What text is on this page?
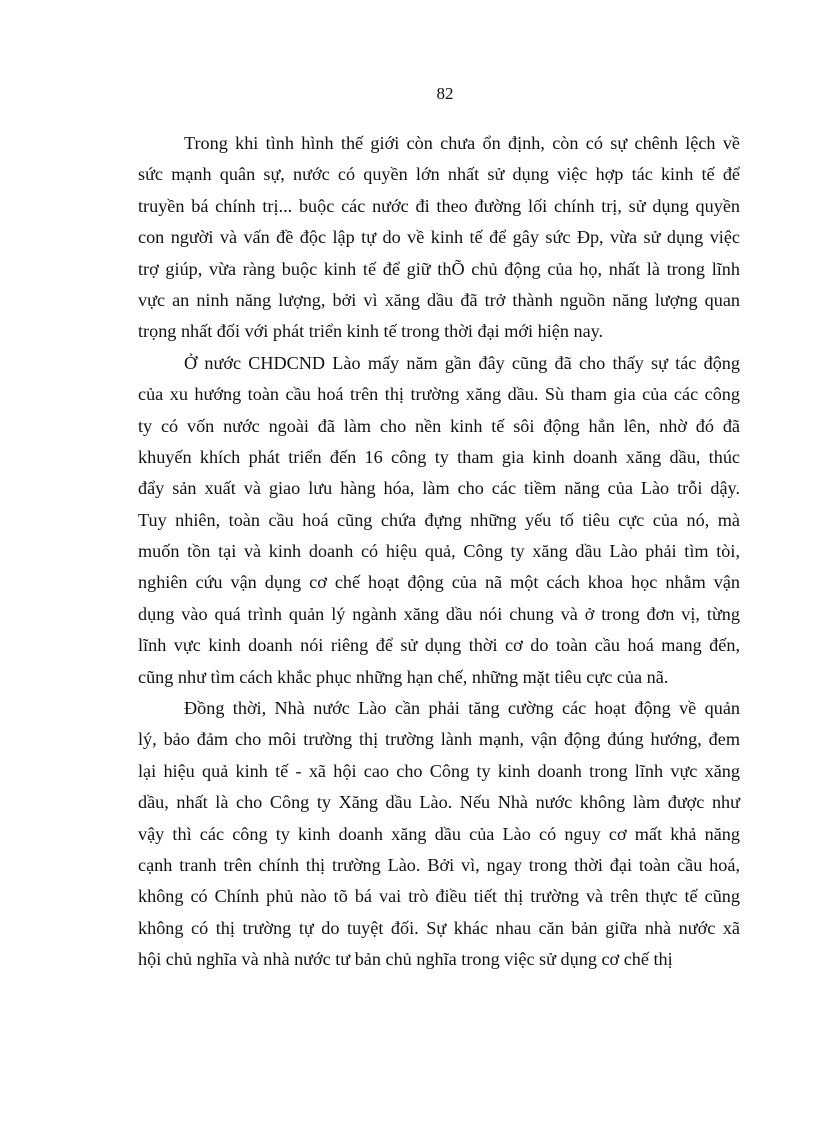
82
Trong khi tình hình thế giới còn chưa ổn định, còn có sự chênh lệch về
sức mạnh quân sự, nước có quyền lớn nhất sử dụng việc hợp tác kinh tế để
truyền bá chính trị... buộc các nước đi theo đường lối chính trị, sử dụng quyền
con người và vấn đề độc lập tự do về kinh tế để gây sức Đp, vừa sử dụng việc
trợ giúp, vừa ràng buộc kinh tế để giữ thÕ chủ động của họ, nhất là trong lĩnh
vực an ninh năng lượng, bởi vì xăng dầu đã trở thành nguồn năng lượng quan
trọng nhất đối với phát triển kinh tế trong thời đại mới hiện nay.
Ở nước CHDCND Lào mấy năm gần đây cũng đã cho thấy sự tác động
của xu hướng toàn cầu hoá trên thị trường xăng dầu. Sù tham gia của các công
ty có vốn nước ngoài đã làm cho nền kinh tế sôi động hẳn lên, nhờ đó đã
khuyến khích phát triển đến 16 công ty tham gia kinh doanh xăng dầu, thúc
đẩy sản xuất và giao lưu hàng hóa, làm cho các tiềm năng của Lào trỗi dậy.
Tuy nhiên, toàn cầu hoá cũng chứa đựng những yếu tố tiêu cực của nó, mà
muốn tồn tại và kinh doanh có hiệu quả, Công ty xăng dầu Lào phải tìm tòi,
nghiên cứu vận dụng cơ chế hoạt động của nã một cách khoa học nhằm vận
dụng vào quá trình quản lý ngành xăng dầu nói chung và ở trong đơn vị, từng
lĩnh vực kinh doanh nói riêng để sử dụng thời cơ do toàn cầu hoá mang đến,
cũng như tìm cách khắc phục những hạn chế, những mặt tiêu cực của nã.
Đồng thời, Nhà nước Lào cần phải tăng cường các hoạt động về quản
lý, bảo đảm cho môi trường thị trường lành mạnh, vận động đúng hướng, đem
lại hiệu quả kinh tế - xã hội cao cho Công ty kinh doanh trong lĩnh vực xăng
dầu, nhất là cho Công ty Xăng dầu Lào. Nếu Nhà nước không làm được như
vậy thì các công ty kinh doanh xăng dầu của Lào có nguy cơ mất khả năng
cạnh tranh trên chính thị trường Lào. Bởi vì, ngay trong thời đại toàn cầu hoá,
không có Chính phủ nào tõ bá vai trò điều tiết thị trường và trên thực tế cũng
không có thị trường tự do tuyệt đối. Sự khác nhau căn bản giữa nhà nước xã
hội chủ nghĩa và nhà nước tư bản chủ nghĩa trong việc sử dụng cơ chế thị
